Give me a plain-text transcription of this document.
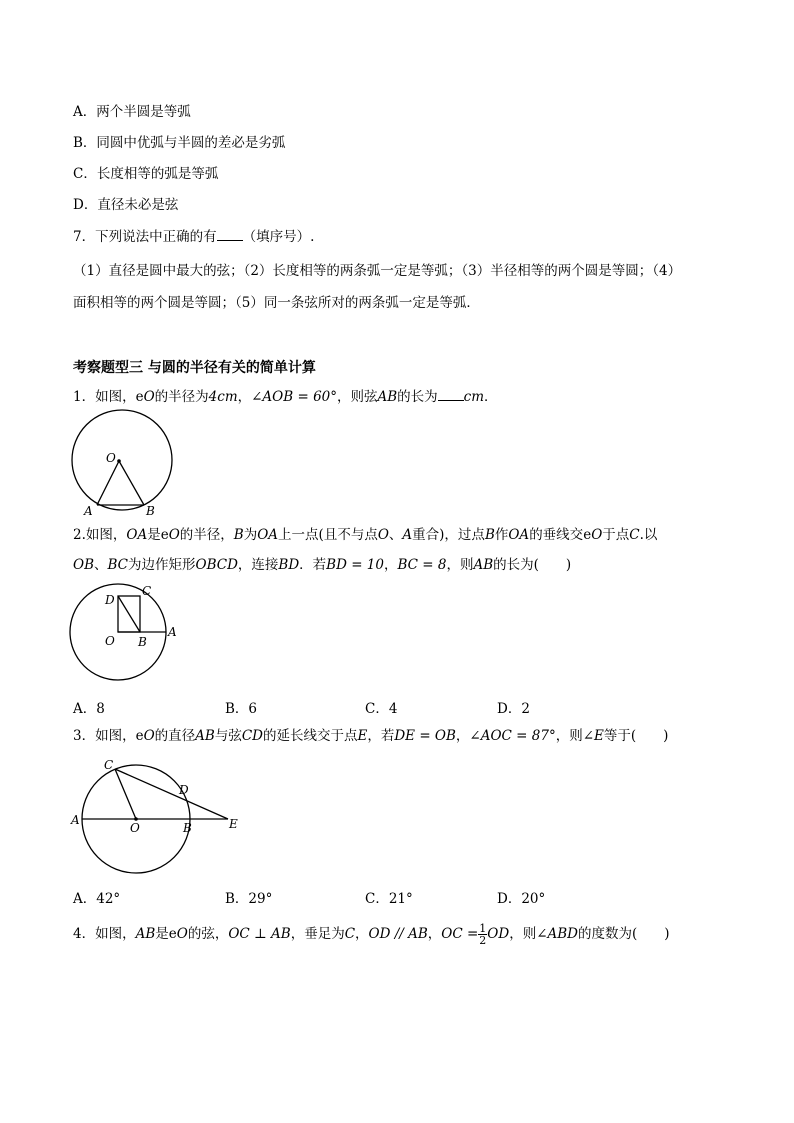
A．两个半圆是等弧
B．同圆中优弧与半圆的差必是劣弧
C．长度相等的弧是等弧
D．直径未必是弦
7．下列说法中正确的有 （填序号）.
（1）直径是圆中最大的弦；（2）长度相等的两条弧一定是等弧；（3）半径相等的两个圆是等圆；（4）
面积相等的两个圆是等圆；（5）同一条弦所对的两条弧一定是等弧．
考察题型三 与圆的半径有关的简单计算
1．如图，eO的半径为4cm，∠AOB = 60°，则弦AB的长为 cm．
O
A	B
2.如图，OA是eO的半径，B为OA上一点(且不与点O、A重合)，过点B作OA的垂线交eO于点C.以
OB、BC为边作矩形OBCD，连接BD．若BD = 10，BC = 8，则AB的长为(　　)
D
C
O B
A
A．8	B．6	C．4	D．2
3．如图，eO的直径AB与弦CD的延长线交于点E，若DE = OB，∠AOC = 87°，则∠E等于(　　)
C
D
A
O	B	E
A．42°	B．29°	C．21°	D．20°
4．如图，AB是eO的弦，OC ⊥ AB，垂足为C，OD // AB，OC = $\frac{1}{2}$ OD，则∠ABD的度数为(　　)
